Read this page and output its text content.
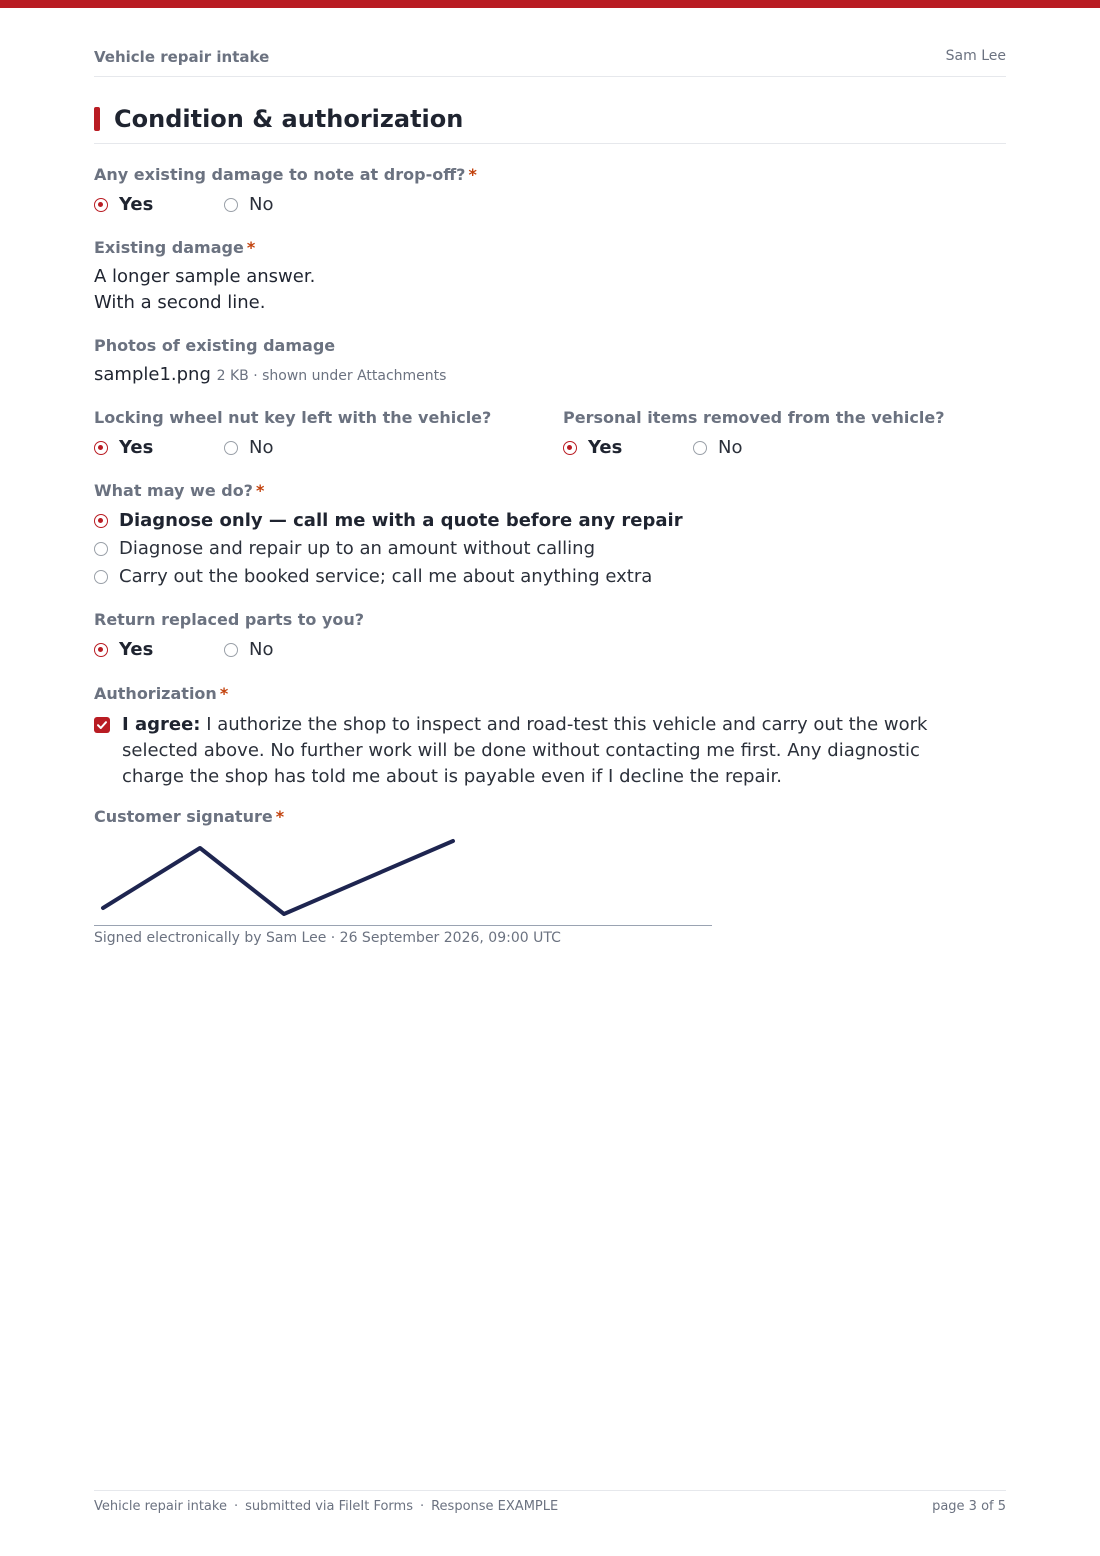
Vehicle repair intake	Sam Lee
Condition & authorization
Any existing damage to note at drop-off? *
Yes	No
Existing damage *
A longer sample answer.
With a second line.
Photos of existing damage
sample1.png 2 KB · shown under Attachments
Locking wheel nut key left with the vehicle?
Yes	No
Personal items removed from the vehicle?
Yes	No
What may we do? *
Diagnose only — call me with a quote before any repair
Diagnose and repair up to an amount without calling
Carry out the booked service; call me about anything extra
Return replaced parts to you?
Yes	No
Authorization *
I agree: I authorize the shop to inspect and road-test this vehicle and carry out the work selected above. No further work will be done without contacting me first. Any diagnostic charge the shop has told me about is payable even if I decline the repair.
Customer signature *
Signed electronically by Sam Lee · 26 September 2026, 09:00 UTC
Vehicle repair intake · submitted via FileIt Forms · Response EXAMPLE	page 3 of 5
